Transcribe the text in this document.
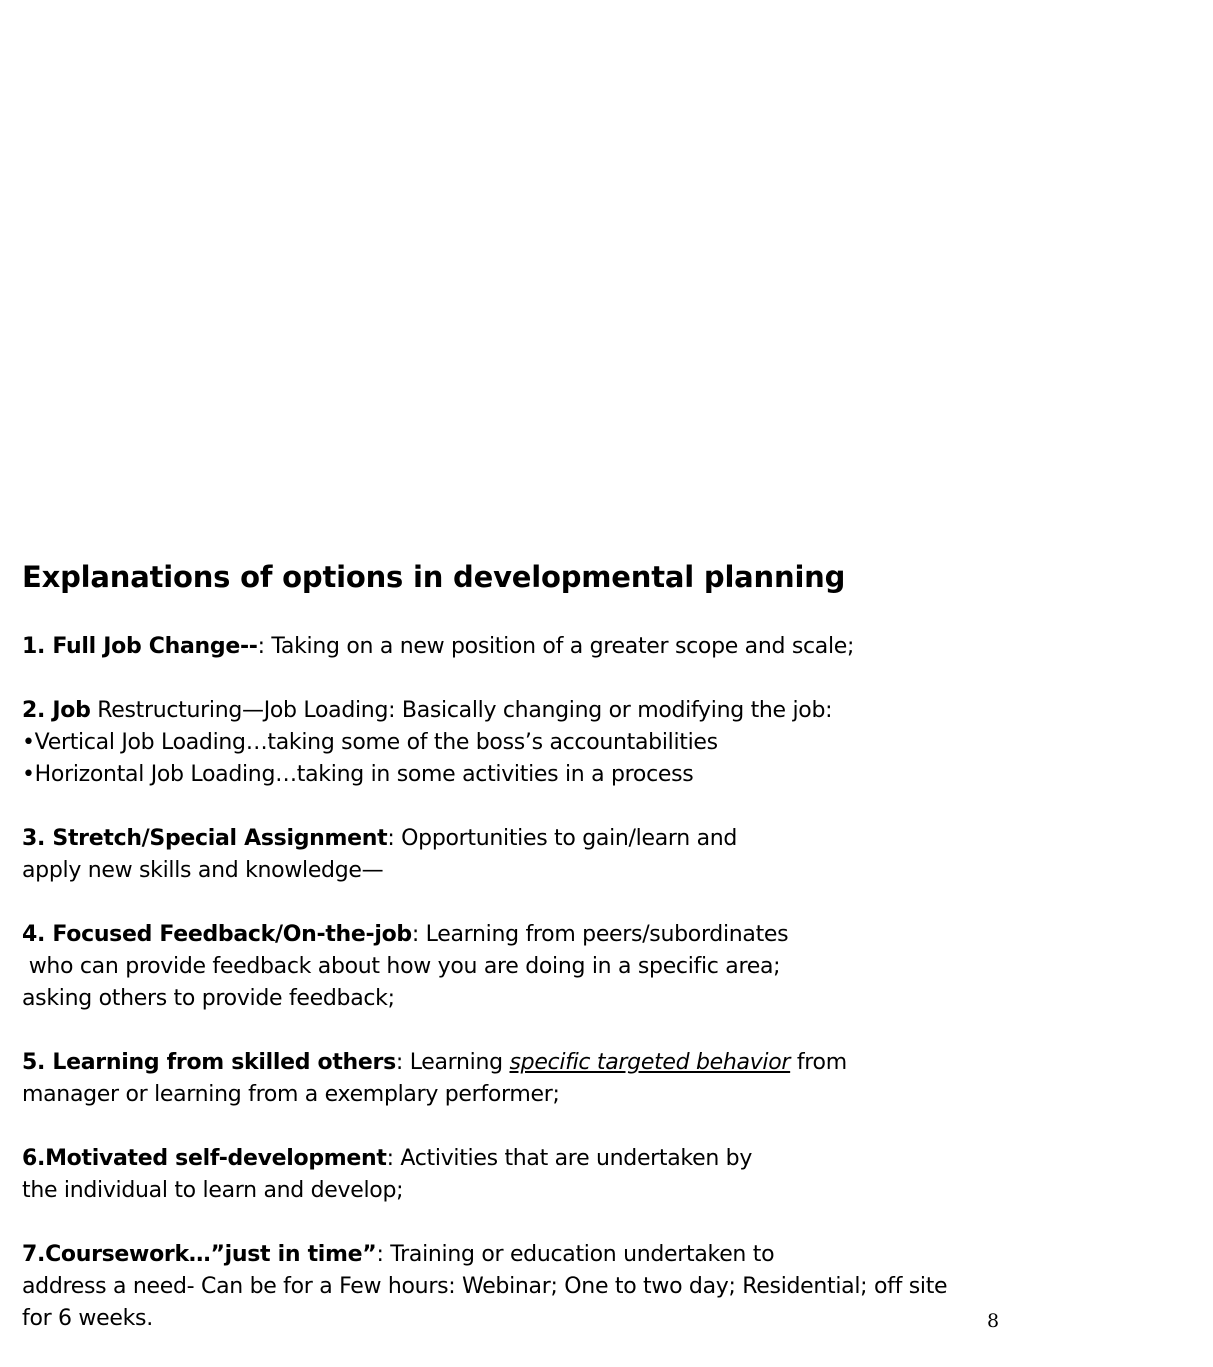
Explanations of options in developmental planning
1. Full Job Change--: Taking on a new position of a greater scope and scale;
2. Job Restructuring—Job Loading: Basically changing or modifying the job:
•Vertical Job Loading…taking some of the boss’s accountabilities
•Horizontal Job Loading…taking in some activities in a process
3. Stretch/Special Assignment: Opportunities to gain/learn and
apply new skills and knowledge—
4. Focused Feedback/On-the-job: Learning from peers/subordinates
who can provide feedback about how you are doing in a specific area;
asking others to provide feedback;
5. Learning from skilled others: Learning specific targeted behavior from
manager or learning from a exemplary performer;
6.Motivated self-development: Activities that are undertaken by
the individual to learn and develop;
7.Coursework…”just in time”: Training or education undertaken to
address a need- Can be for a Few hours: Webinar; One to two day; Residential; off site
for 6 weeks.	8
